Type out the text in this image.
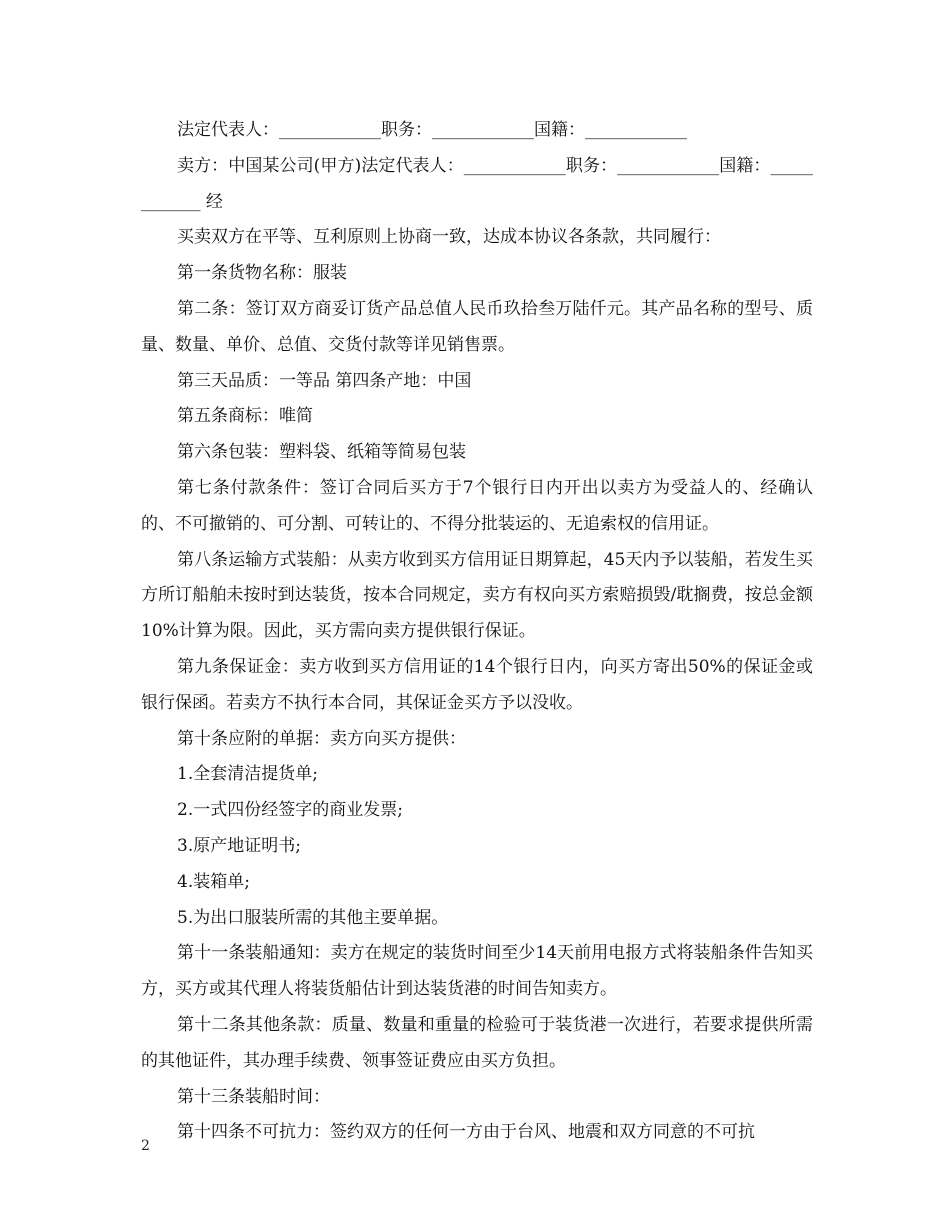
法定代表人：____________职务：____________国籍：____________

卖方：中国某公司(甲方)法定代表人：____________职务：____________国籍：____________ 经

买卖双方在平等、互利原则上协商一致，达成本协议各条款，共同履行：

第一条货物名称：服装

第二条：签订双方商妥订货产品总值人民币玖拾叁万陆仟元。其产品名称的型号、质量、数量、单价、总值、交货付款等详见销售票。

第三天品质：一等品 第四条产地：中国

第五条商标：唯简

第六条包装：塑料袋、纸箱等简易包装

第七条付款条件：签订合同后买方于7个银行日内开出以卖方为受益人的、经确认的、不可撤销的、可分割、可转让的、不得分批装运的、无追索权的信用证。

第八条运输方式装船：从卖方收到买方信用证日期算起，45天内予以装船，若发生买方所订船舶未按时到达装货，按本合同规定，卖方有权向买方索赔损毁/耽搁费，按总金额10%计算为限。因此，买方需向卖方提供银行保证。

第九条保证金：卖方收到买方信用证的14个银行日内，向买方寄出50%的保证金或银行保函。若卖方不执行本合同，其保证金买方予以没收。

第十条应附的单据：卖方向买方提供：

1.全套清洁提货单;

2.一式四份经签字的商业发票;

3.原产地证明书;

4.装箱单;

5.为出口服装所需的其他主要单据。

第十一条装船通知：卖方在规定的装货时间至少14天前用电报方式将装船条件告知买方，买方或其代理人将装货船估计到达装货港的时间告知卖方。

第十二条其他条款：质量、数量和重量的检验可于装货港一次进行，若要求提供所需的其他证件，其办理手续费、领事签证费应由买方负担。

第十三条装船时间：

第十四条不可抗力：签约双方的任何一方由于台风、地震和双方同意的不可抗

2
